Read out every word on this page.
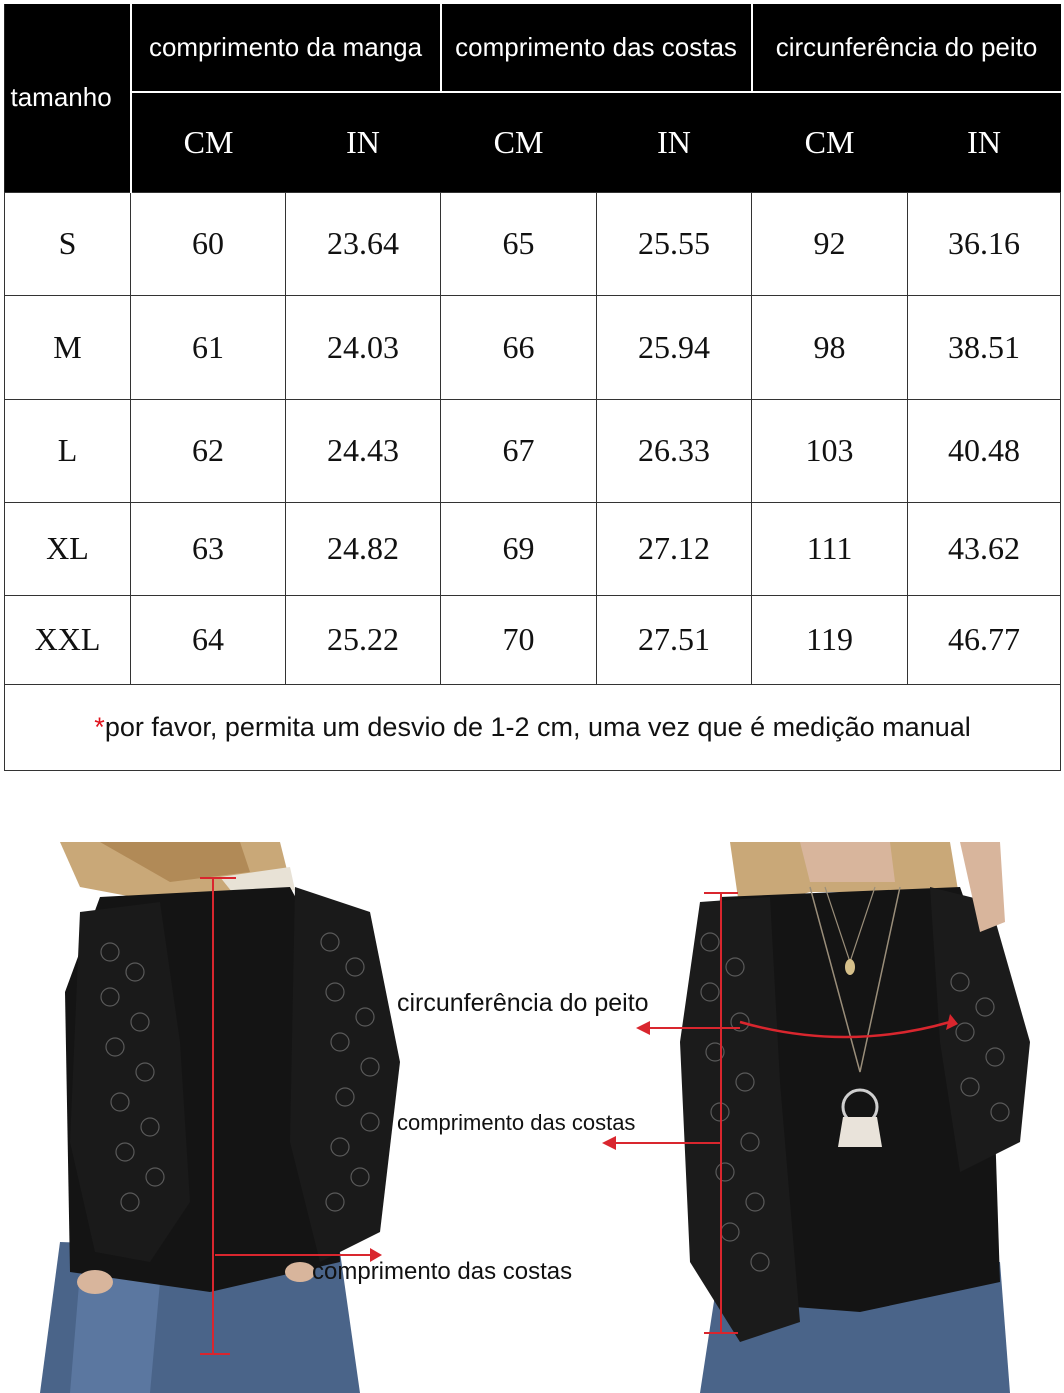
tamanho	comprimento da manga		comprimento das costas		circunferência do peito	
	CM	IN	CM	IN	CM	IN
S	60	23.64	65	25.55	92	36.16
M	61	24.03	66	25.94	98	38.51
L	62	24.43	67	26.33	103	40.48
XL	63	24.82	69	27.12	111	43.62
XXL	64	25.22	70	27.51	119	46.77
*por favor, permita um desvio de 1-2 cm, uma vez que é medição manual						
comprimento das costas
circunferência do peito
comprimento das costas
